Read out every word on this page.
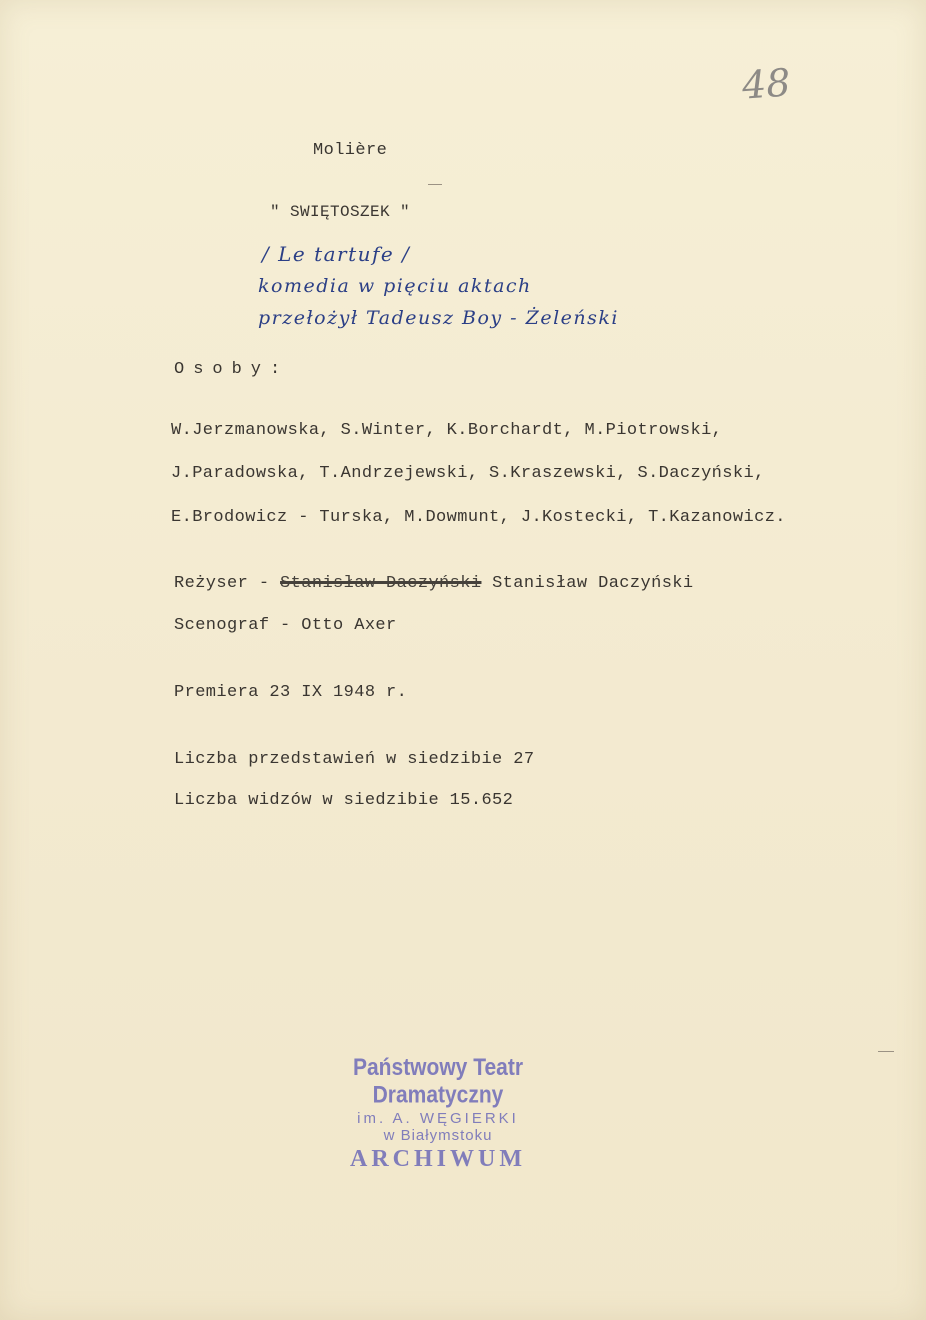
48
Molière
" SWIĘTOSZEK "
/ Le tartufe /
komedia w pięciu aktach
przełożył Tadeusz Boy - Żeleński
Osoby:
W.Jerzmanowska, S.Winter, K.Borchardt, M.Piotrowski,
J.Paradowska, T.Andrzejewski, S.Kraszewski, S.Daczyński,
E.Brodowicz - Turska, M.Dowmunt, J.Kostecki, T.Kazanowicz.
Reżyser - Stanisław Daczyński Stanisław Daczyński
Scenograf - Otto Axer
Premiera 23 IX 1948 r.
Liczba przedstawień w siedzibie 27
Liczba widzów w siedzibie 15.652
Państwowy Teatr Dramatyczny
im. A. WĘGIERKI
w Białymstoku
ARCHIWUM
